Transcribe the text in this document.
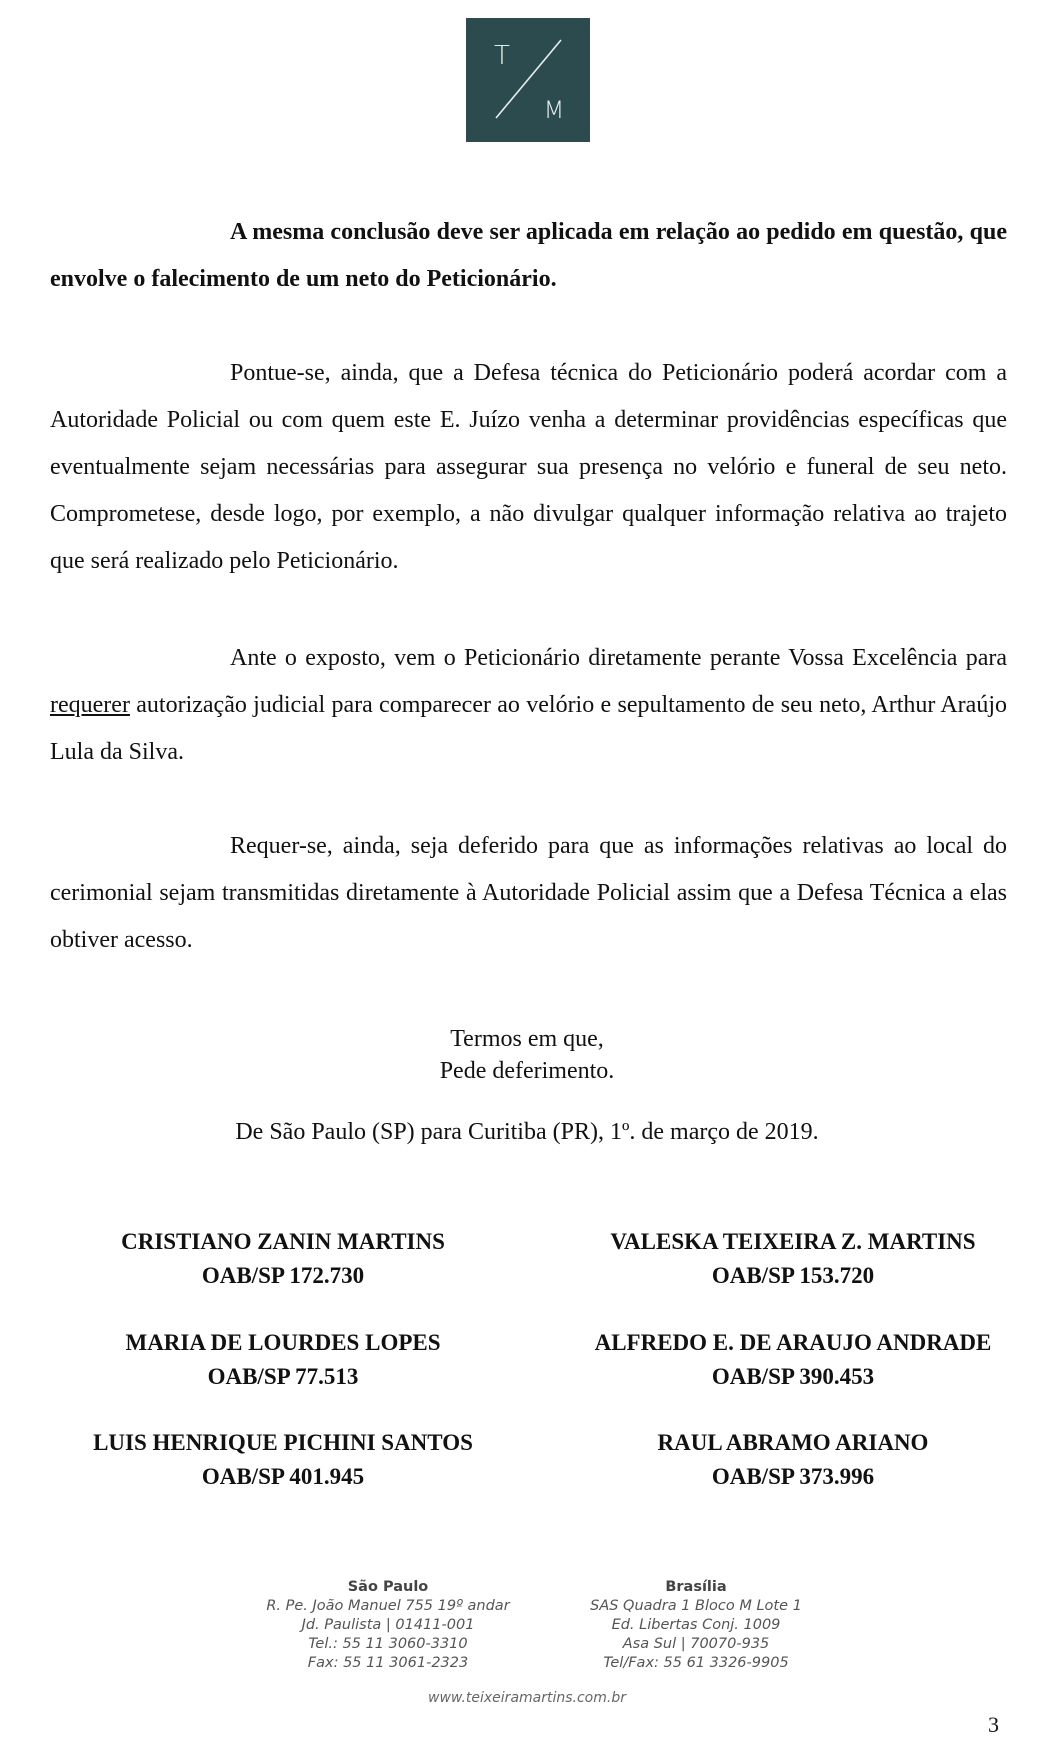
T
M

A mesma conclusão deve ser aplicada em relação ao pedido em questão, que envolve o falecimento de um neto do Peticionário.

Pontue-se, ainda, que a Defesa técnica do Peticionário poderá acordar com a Autoridade Policial ou com quem este E. Juízo venha a determinar providências específicas que eventualmente sejam necessárias para assegurar sua presença no velório e funeral de seu neto. Comprometese, desde logo, por exemplo, a não divulgar qualquer informação relativa ao trajeto que será realizado pelo Peticionário.

Ante o exposto, vem o Peticionário diretamente perante Vossa Excelência para requerer autorização judicial para comparecer ao velório e sepultamento de seu neto, Arthur Araújo Lula da Silva.

Requer-se, ainda, seja deferido para que as informações relativas ao local do cerimonial sejam transmitidas diretamente à Autoridade Policial assim que a Defesa Técnica a elas obtiver acesso.

Termos em que,
Pede deferimento.
De São Paulo (SP) para Curitiba (PR), 1º. de março de 2019.
CRISTIANO ZANIN MARTINS
OAB/SP 172.730
VALESKA TEIXEIRA Z. MARTINS
OAB/SP 153.720
MARIA DE LOURDES LOPES
OAB/SP 77.513
ALFREDO E. DE ARAUJO ANDRADE
OAB/SP 390.453
LUIS HENRIQUE PICHINI SANTOS
OAB/SP 401.945
RAUL ABRAMO ARIANO
OAB/SP 373.996
São Paulo
R. Pe. João Manuel 755 19º andar
Jd. Paulista | 01411-001
Tel.: 55 11 3060-3310
Fax: 55 11 3061-2323
Brasília
SAS Quadra 1 Bloco M Lote 1
Ed. Libertas Conj. 1009
Asa Sul | 70070-935
Tel/Fax: 55 61 3326-9905
www.teixeiramartins.com.br
3
